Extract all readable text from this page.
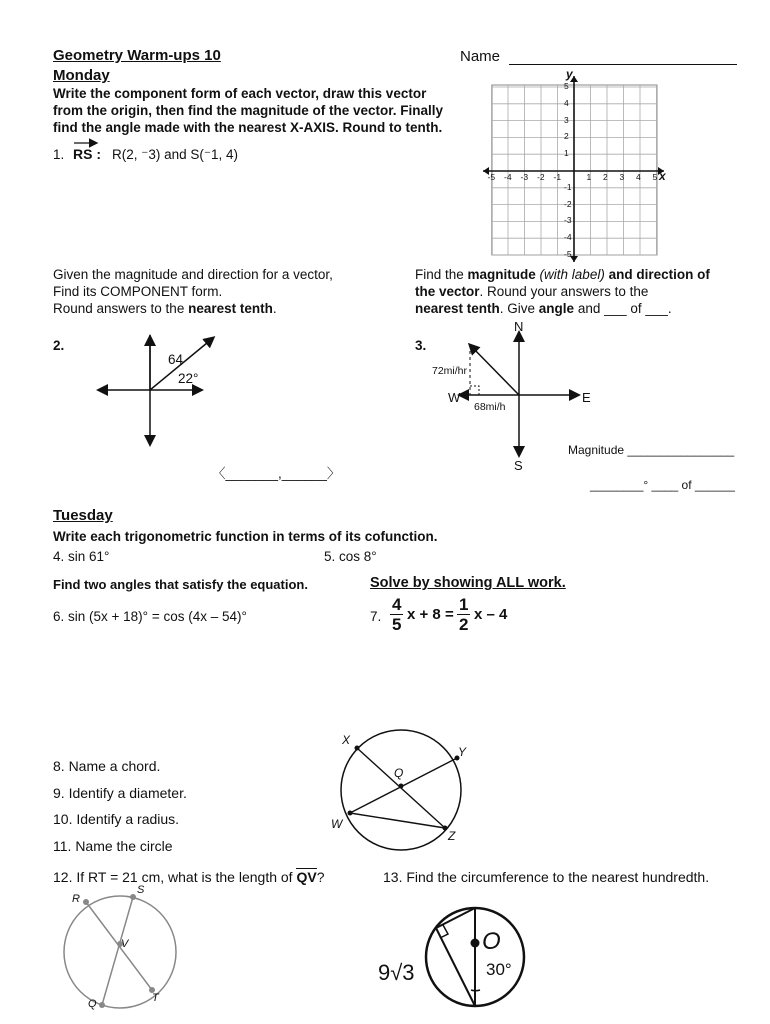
Geometry Warm-ups 10	Name
Monday
Write the component form of each vector, draw this vector
from the origin, then find the magnitude of the vector. Finally
find the angle made with the nearest X-AXIS. Round to tenth.
1. RS : R(2, ⁻3) and S(⁻1, 4)
-5 -4 -3 -2 -1	1 2 3 4 5
5
4
3
2
1
-1
-2
-3
-4
-5
x
y
Given the magnitude and direction for a vector,
Find its COMPONENT form.
Round answers to the nearest tenth.
Find the magnitude (with label) and direction of
the vector. Round your answers to the
nearest tenth. Give angle and ___ of ___.
2.
64
22°
〈_______,______〉
3.
N
S
E
W
72mi/hr
68mi/h
Magnitude ________________
________° ____ of ______
Tuesday
Write each trigonometric function in terms of its cofunction.
4. sin 61°	5. cos 8°
Find two angles that satisfy the equation.	Solve by showing ALL work.
6. sin (5x + 18)° = cos (4x – 54)°	7. $\frac{4}{5}$ $x + 8 = \frac{1}{2}$ x – 4
8. Name a chord.
9. Identify a diameter.
10. Identify a radius.
11. Name the circle
12. If RT = 21 cm, what is the length of QV?	13. Find the circumference to the nearest hundredth.
X
Y
Q
W
Z
R
S
V
Q	T
O
9√3	30°
